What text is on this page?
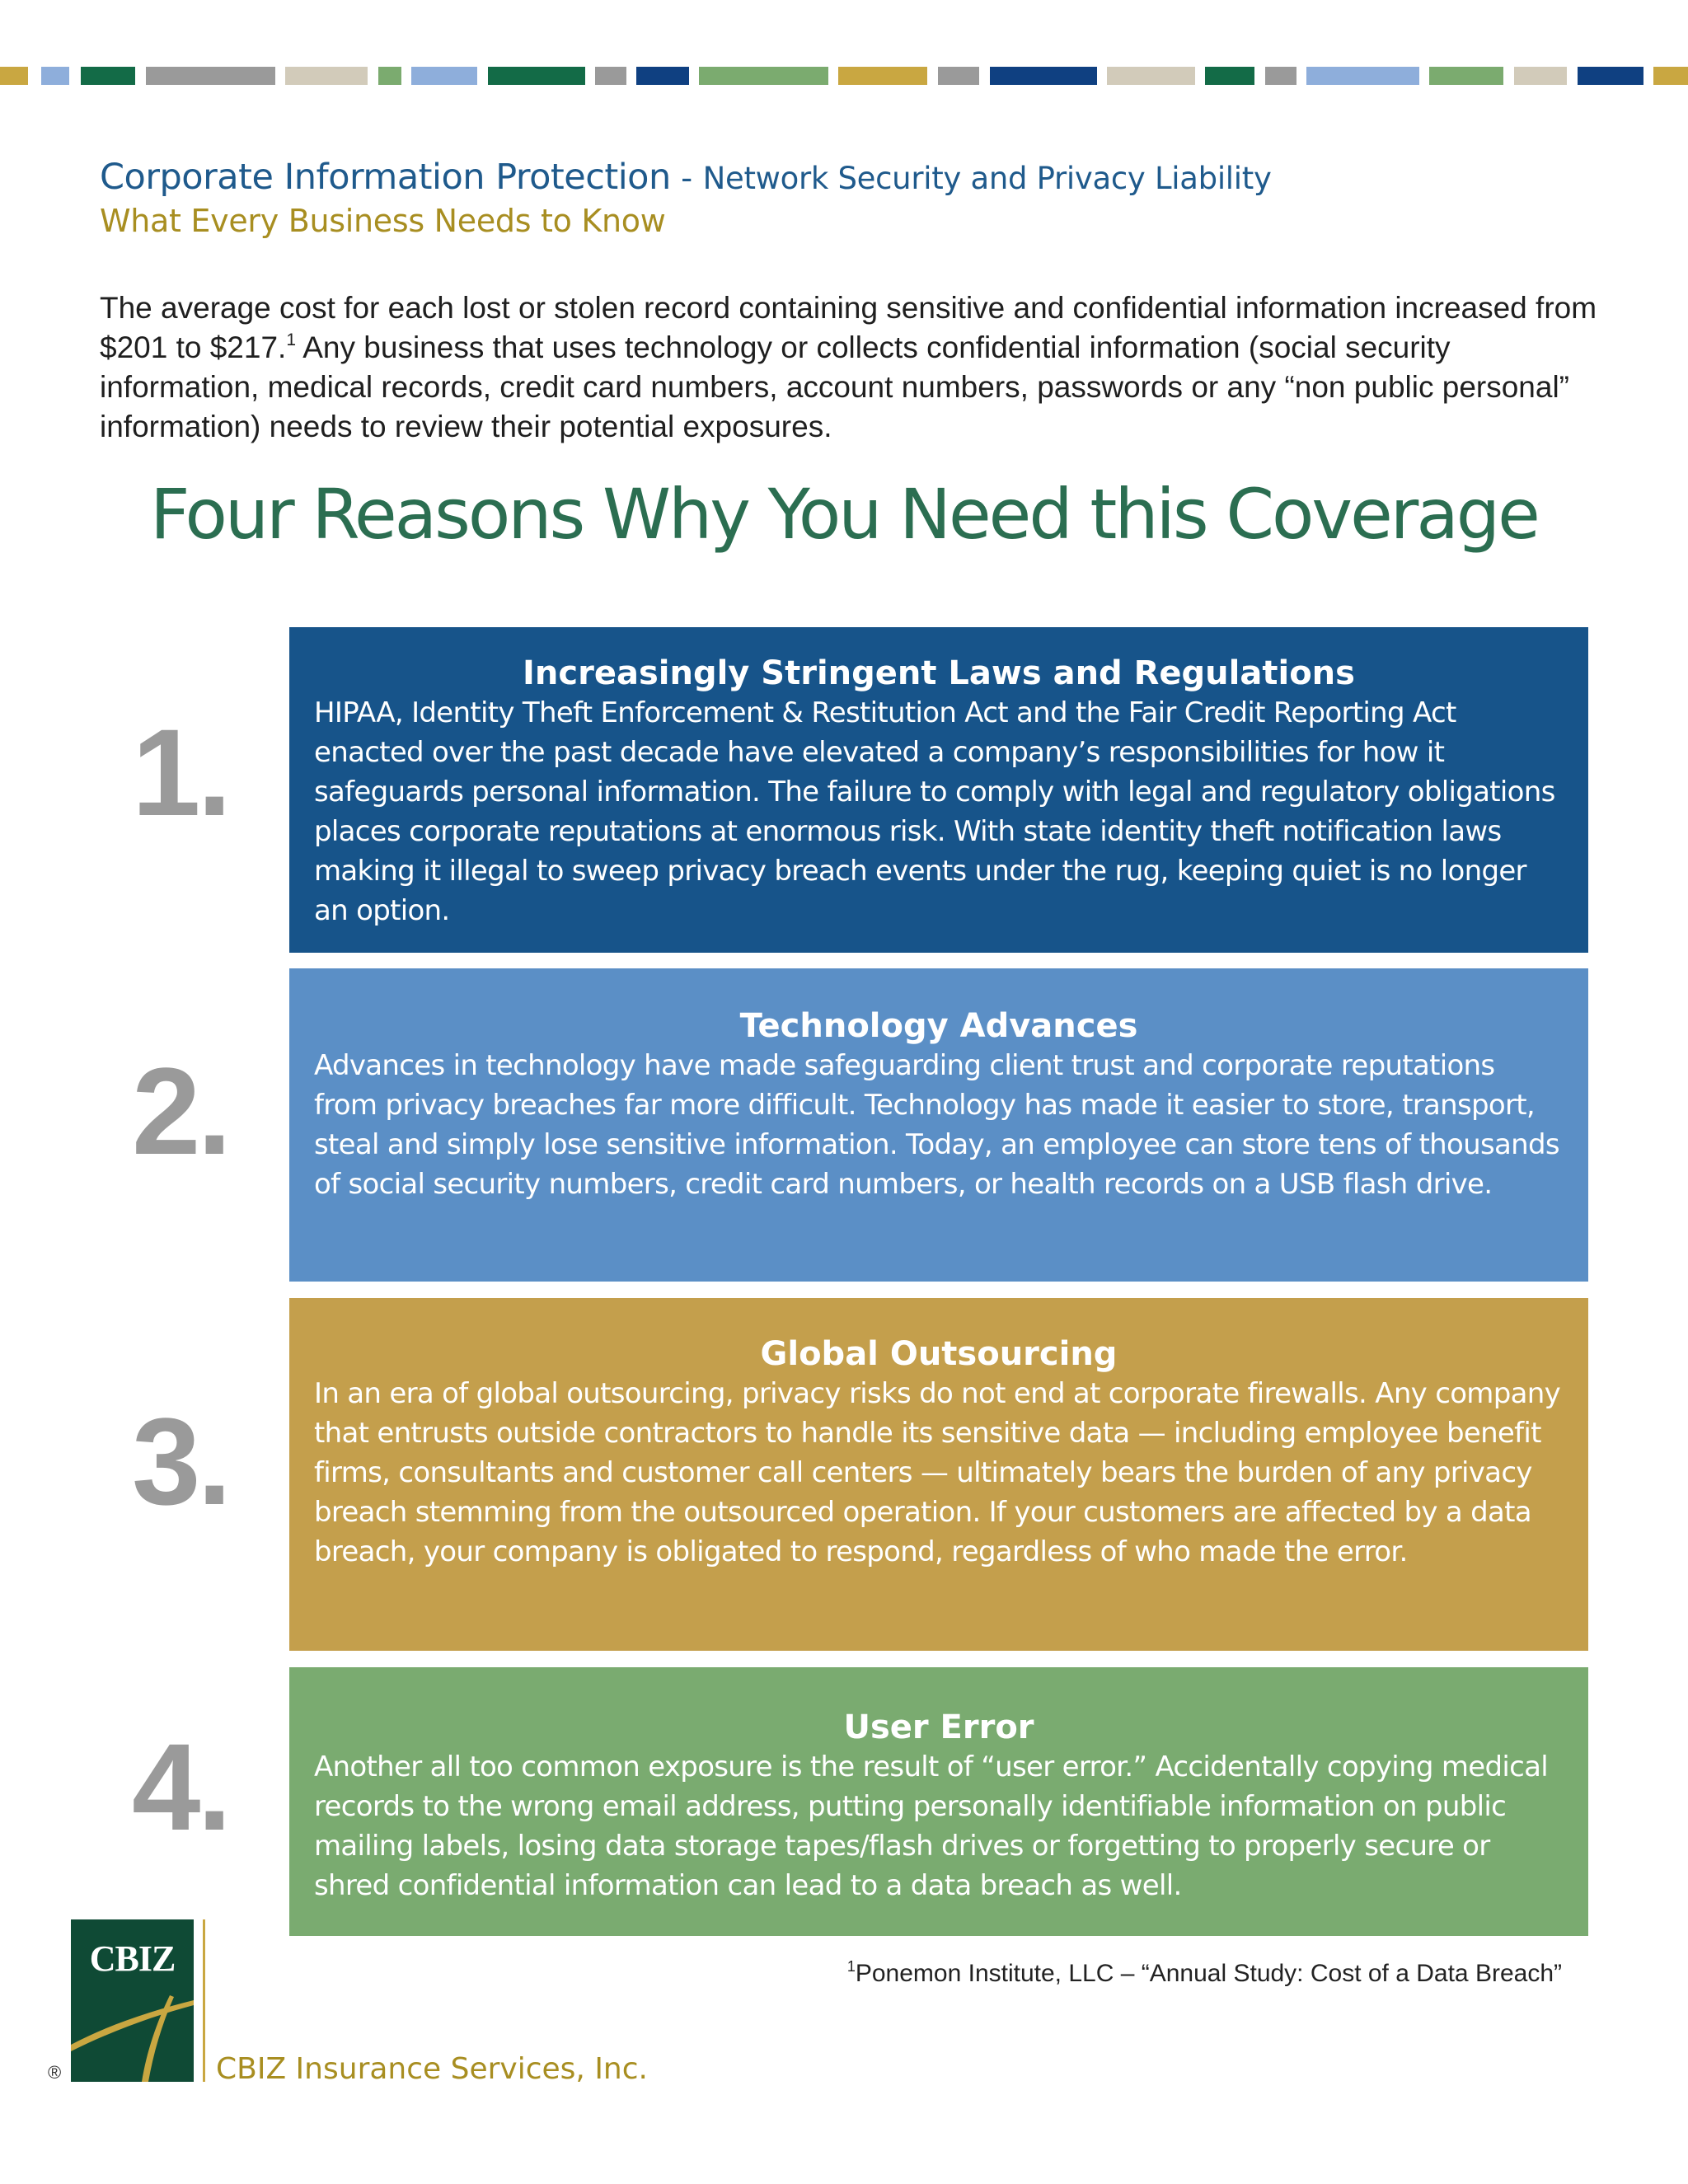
Corporate Information Protection - Network Security and Privacy Liability
What Every Business Needs to Know

The average cost for each lost or stolen record containing sensitive and confidential information increased from $201 to $217.$^1$ Any business that uses technology or collects confidential information (social security information, medical records, credit card numbers, account numbers, passwords or any “non public personal” information) needs to review their potential exposures.

Four Reasons Why You Need this Coverage
1.
Increasingly Stringent Laws and Regulations
HIPAA, Identity Theft Enforcement & Restitution Act and the Fair Credit Reporting Act enacted over the past decade have elevated a company’s responsibilities for how it safeguards personal information. The failure to comply with legal and regulatory obligations places corporate reputations at enormous risk. With state identity theft notification laws making it illegal to sweep privacy breach events under the rug, keeping quiet is no longer an option.
2.
Technology Advances
Advances in technology have made safeguarding client trust and corporate reputations from privacy breaches far more difficult. Technology has made it easier to store, transport, steal and simply lose sensitive information. Today, an employee can store tens of thousands of social security numbers, credit card numbers, or health records on a USB flash drive.
3.
Global Outsourcing
In an era of global outsourcing, privacy risks do not end at corporate firewalls. Any company that entrusts outside contractors to handle its sensitive data — including employee benefit firms, consultants and customer call centers — ultimately bears the burden of any privacy breach stemming from the outsourced operation. If your customers are affected by a data breach, your company is obligated to respond, regardless of who made the error.
4.	User Error
Another all too common exposure is the result of “user error.” Accidentally copying medical records to the wrong email address, putting personally identifiable information on public mailing labels, losing data storage tapes/flash drives or forgetting to properly secure or shred confidential information can lead to a data breach as well.
$^1$Ponemon Institute, LLC – “Annual Study: Cost of a Data Breach”
CBIZ
®	CBIZ Insurance Services, Inc.
